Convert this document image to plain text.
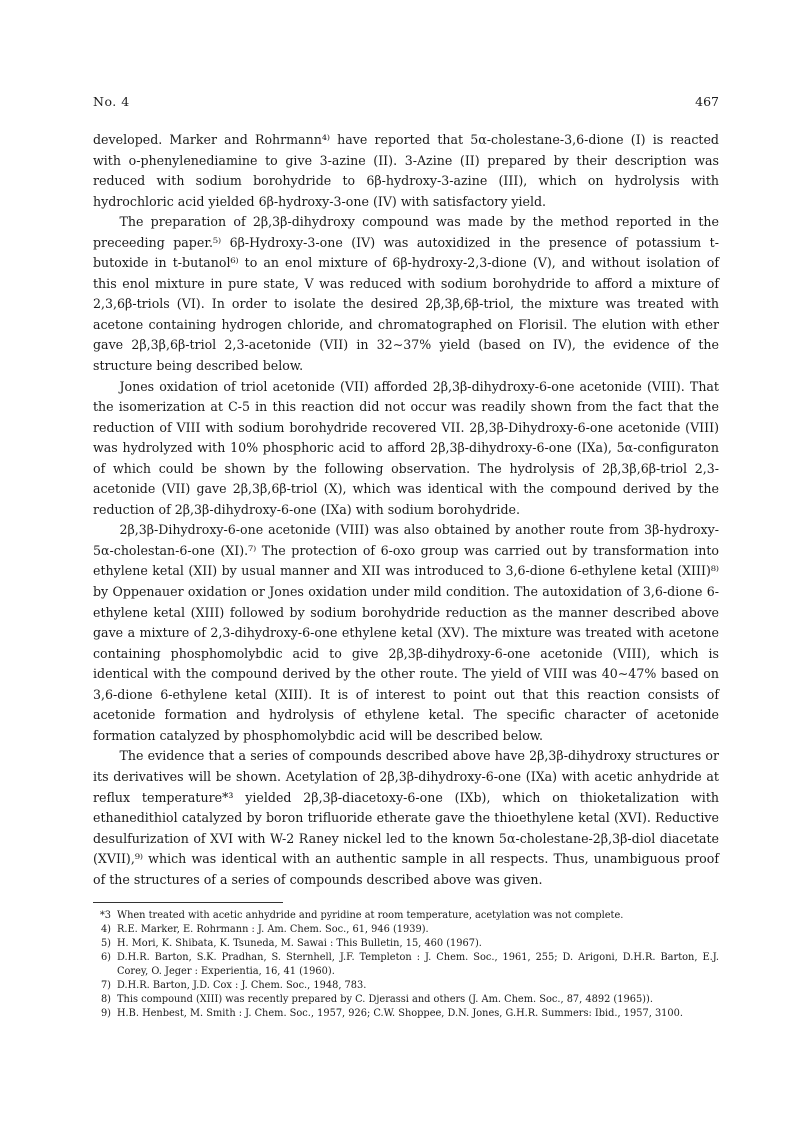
No. 4	467

developed. Marker and Rohrmann⁴⁾ have reported that 5α-cholestane-3,6-dione (I) is reacted with o-phenylenediamine to give 3-azine (II). 3-Azine (II) prepared by their description was reduced with sodium borohydride to 6β-hydroxy-3-azine (III), which on hydrolysis with hydrochloric acid yielded 6β-hydroxy-3-one (IV) with satisfactory yield.

The preparation of 2β,3β-dihydroxy compound was made by the method reported in the preceeding paper.⁵⁾ 6β-Hydroxy-3-one (IV) was autoxidized in the presence of potassium t-butoxide in t-butanol⁶⁾ to an enol mixture of 6β-hydroxy-2,3-dione (V), and without isolation of this enol mixture in pure state, V was reduced with sodium borohydride to afford a mixture of 2,3,6β-triols (VI). In order to isolate the desired 2β,3β,6β-triol, the mixture was treated with acetone containing hydrogen chloride, and chromatographed on Florisil. The elution with ether gave 2β,3β,6β-triol 2,3-acetonide (VII) in 32∼37% yield (based on IV), the evidence of the structure being described below.

Jones oxidation of triol acetonide (VII) afforded 2β,3β-dihydroxy-6-one acetonide (VIII). That the isomerization at C-5 in this reaction did not occur was readily shown from the fact that the reduction of VIII with sodium borohydride recovered VII. 2β,3β-Dihydroxy-6-one acetonide (VIII) was hydrolyzed with 10% phosphoric acid to afford 2β,3β-dihydroxy-6-one (IXa), 5α-configuraton of which could be shown by the following observation. The hydrolysis of 2β,3β,6β-triol 2,3-acetonide (VII) gave 2β,3β,6β-triol (X), which was identical with the compound derived by the reduction of 2β,3β-dihydroxy-6-one (IXa) with sodium borohydride.

2β,3β-Dihydroxy-6-one acetonide (VIII) was also obtained by another route from 3β-hydroxy-5α-cholestan-6-one (XI).⁷⁾ The protection of 6-oxo group was carried out by transformation into ethylene ketal (XII) by usual manner and XII was introduced to 3,6-dione 6-ethylene ketal (XIII)⁸⁾ by Oppenauer oxidation or Jones oxidation under mild condition. The autoxidation of 3,6-dione 6-ethylene ketal (XIII) followed by sodium borohydride reduction as the manner described above gave a mixture of 2,3-dihydroxy-6-one ethylene ketal (XV). The mixture was treated with acetone containing phosphomolybdic acid to give 2β,3β-dihydroxy-6-one acetonide (VIII), which is identical with the compound derived by the other route. The yield of VIII was 40∼47% based on 3,6-dione 6-ethylene ketal (XIII). It is of interest to point out that this reaction consists of acetonide formation and hydrolysis of ethylene ketal. The specific character of acetonide formation catalyzed by phosphomolybdic acid will be described below.

The evidence that a series of compounds described above have 2β,3β-dihydroxy structures or its derivatives will be shown. Acetylation of 2β,3β-dihydroxy-6-one (IXa) with acetic anhydride at reflux temperature*³ yielded 2β,3β-diacetoxy-6-one (IXb), which on thioketalization with ethanedithiol catalyzed by boron trifluoride etherate gave the thioethylene ketal (XVI). Reductive desulfurization of XVI with W-2 Raney nickel led to the known 5α-cholestane-2β,3β-diol diacetate (XVII),⁹⁾ which was identical with an authentic sample in all respects. Thus, unambiguous proof of the structures of a series of compounds described above was given.

*3 When treated with acetic anhydride and pyridine at room temperature, acetylation was not complete.
4) R.E. Marker, E. Rohrmann : J. Am. Chem. Soc., 61, 946 (1939).
5) H. Mori, K. Shibata, K. Tsuneda, M. Sawai : This Bulletin, 15, 460 (1967).
6) D.H.R. Barton, S.K. Pradhan, S. Sternhell, J.F. Templeton : J. Chem. Soc., 1961, 255; D. Arigoni, D.H.R. Barton, E.J. Corey, O. Jeger : Experientia, 16, 41 (1960).
7) D.H.R. Barton, J.D. Cox : J. Chem. Soc., 1948, 783.
8) This compound (XIII) was recently prepared by C. Djerassi and others (J. Am. Chem. Soc., 87, 4892 (1965)).
9) H.B. Henbest, M. Smith : J. Chem. Soc., 1957, 926; C.W. Shoppee, D.N. Jones, G.H.R. Summers: Ibid., 1957, 3100.
